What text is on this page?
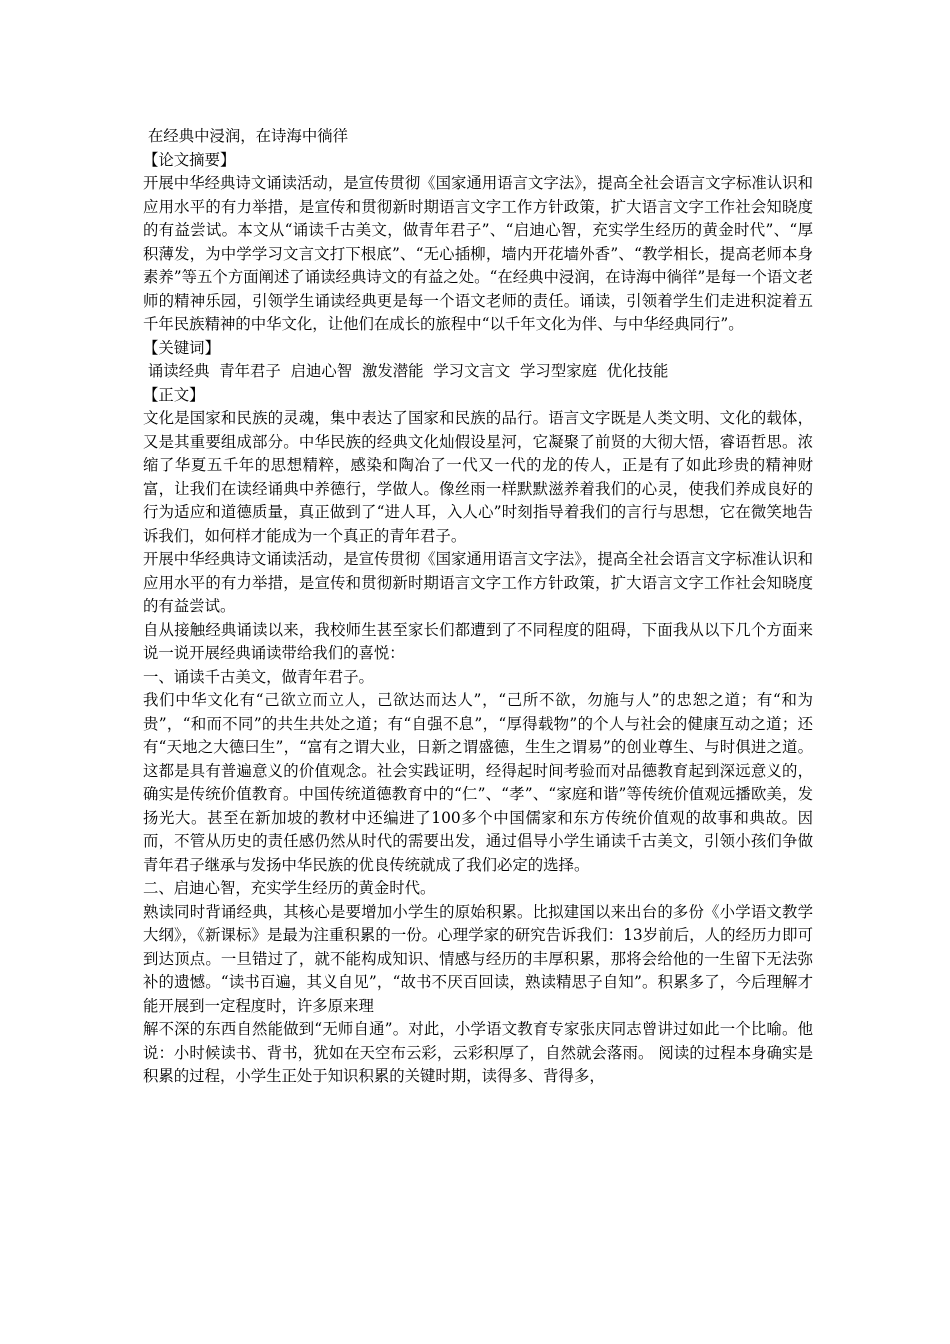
在经典中浸润，在诗海中徜徉
【论文摘要】

开展中华经典诗文诵读活动，是宣传贯彻《国家通用语言文字法》，提高全社会语言文字标准认识和应用水平的有力举措，是宣传和贯彻新时期语言文字工作方针政策，扩大语言文字工作社会知晓度的有益尝试。本文从“诵读千古美文，做青年君子”、“启迪心智，充实学生经历的黄金时代”、“厚积薄发，为中学学习文言文打下根底”、“无心插柳，墙内开花墙外香”、“教学相长，提高老师本身素养”等五个方面阐述了诵读经典诗文的有益之处。“在经典中浸润，在诗海中徜徉”是每一个语文老师的精神乐园，引领学生诵读经典更是每一个语文老师的责任。诵读，引领着学生们走进积淀着五千年民族精神的中华文化，让他们在成长的旅程中“以千年文化为伴、与中华经典同行”。

【关键词】
诵读经典  青年君子  启迪心智  激发潜能  学习文言文  学习型家庭  优化技能
【正文】

文化是国家和民族的灵魂，集中表达了国家和民族的品行。语言文字既是人类文明、文化的载体，又是其重要组成部分。中华民族的经典文化灿假设星河，它凝聚了前贤的大彻大悟，睿语哲思。浓缩了华夏五千年的思想精粹，感染和陶冶了一代又一代的龙的传人，正是有了如此珍贵的精神财富，让我们在读经诵典中养德行，学做人。像丝雨一样默默滋养着我们的心灵，使我们养成良好的行为适应和道德质量，真正做到了“进人耳，入人心”时刻指导着我们的言行与思想，它在微笑地告诉我们，如何样才能成为一个真正的青年君子。

开展中华经典诗文诵读活动，是宣传贯彻《国家通用语言文字法》，提高全社会语言文字标准认识和应用水平的有力举措，是宣传和贯彻新时期语言文字工作方针政策，扩大语言文字工作社会知晓度的有益尝试。

自从接触经典诵读以来，我校师生甚至家长们都遭到了不同程度的阻碍，下面我从以下几个方面来说一说开展经典诵读带给我们的喜悦：

一、诵读千古美文，做青年君子。

我们中华文化有“己欲立而立人，己欲达而达人”，“己所不欲，勿施与人”的忠恕之道；有“和为贵”，“和而不同”的共生共处之道；有“自强不息”，“厚得载物”的个人与社会的健康互动之道；还有“天地之大德曰生”，“富有之谓大业，日新之谓盛德，生生之谓易”的创业尊生、与时俱进之道。这都是具有普遍意义的价值观念。社会实践证明，经得起时间考验而对品德教育起到深远意义的，确实是传统价值教育。中国传统道德教育中的“仁”、“孝”、“家庭和谐”等传统价值观远播欧美，发扬光大。甚至在新加坡的教材中还编进了100多个中国儒家和东方传统价值观的故事和典故。因而，不管从历史的责任感仍然从时代的需要出发，通过倡导小学生诵读千古美文，引领小孩们争做青年君子继承与发扬中华民族的优良传统就成了我们必定的选择。

二、启迪心智，充实学生经历的黄金时代。

熟读同时背诵经典，其核心是要增加小学生的原始积累。比拟建国以来出台的多份《小学语文教学大纲》，《新课标》是最为注重积累的一份。心理学家的研究告诉我们：13岁前后，人的经历力即可到达顶点。一旦错过了，就不能构成知识、情感与经历的丰厚积累，那将会给他的一生留下无法弥补的遗憾。“读书百遍，其义自见”，“故书不厌百回读，熟读精思子自知”。积累多了，今后理解才能开展到一定程度时，许多原来理

解不深的东西自然能做到“无师自通”。对此，小学语文教育专家张庆同志曾讲过如此一个比喻。他说：小时候读书、背书，犹如在天空布云彩，云彩积厚了，自然就会落雨。 阅读的过程本身确实是积累的过程，小学生正处于知识积累的关键时期，读得多、背得多，
